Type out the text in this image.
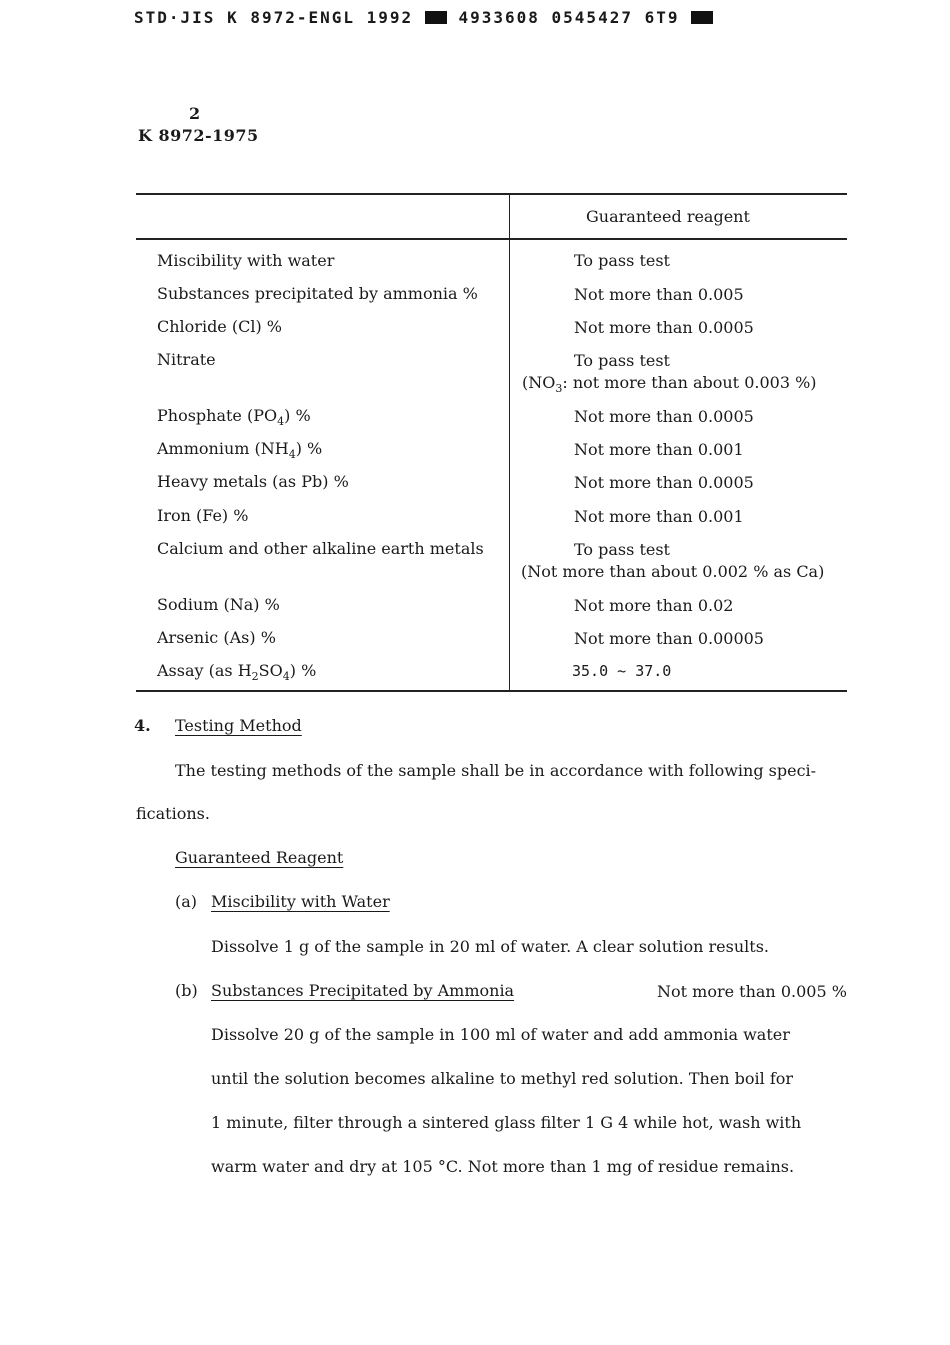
STD·JIS K 8972-ENGL 1992	4933608 0545427 6T9
2
K 8972-1975
Guaranteed reagent
Miscibility with water	To pass test
Substances precipitated by ammonia %	Not more than 0.005
Chloride (Cl) %	Not more than 0.0005
Nitrate	To pass test
($NO_3$: not more than about 0.003 %)
Phosphate $(PO_4)$ %	Not more than 0.0005
Ammonium $(NH_4)$ %	Not more than 0.001
Heavy metals (as Pb) %	Not more than 0.0005
Iron (Fe) %	Not more than 0.001
Calcium and other alkaline earth metals	To pass test
(Not more than about 0.002 % as Ca)
Sodium (Na) %	Not more than 0.02
Arsenic (As) %	Not more than 0.00005
Assay (as $H_2SO_4$) %	35.0 ~ 37.0
4. Testing Method
The testing methods of the sample shall be in accordance with following speci-
fications.
Guaranteed Reagent
(a) Miscibility with Water
Dissolve 1 g of the sample in 20 ml of water. A clear solution results.
(b) Substances Precipitated by Ammonia	Not more than 0.005 %
Dissolve 20 g of the sample in 100 ml of water and add ammonia water
until the solution becomes alkaline to methyl red solution. Then boil for
1 minute, filter through a sintered glass filter 1 G 4 while hot, wash with
warm water and dry at 105 °C. Not more than 1 mg of residue remains.
